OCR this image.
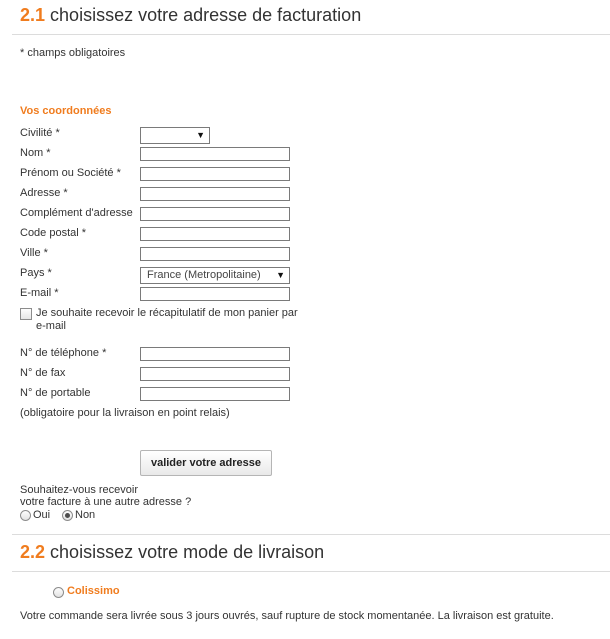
2.1 choisissez votre adresse de facturation
* champs obligatoires
Vos coordonnées
Civilité *	▼
Nom *
Prénom ou Société *
Adresse *
Complément d'adresse
Code postal *
Ville *
Pays *	France (Metropolitaine) ▼
E-mail *
Je souhaite recevoir le récapitulatif de mon panier par
e-mail
N° de téléphone *
N° de fax
N° de portable
(obligatoire pour la livraison en point relais)
valider votre adresse
Souhaitez-vous recevoir
votre facture à une autre adresse ?
Oui Non
2.2 choisissez votre mode de livraison
Colissimo
Votre commande sera livrée sous 3 jours ouvrés, sauf rupture de stock momentanée. La livraison est gratuite.
